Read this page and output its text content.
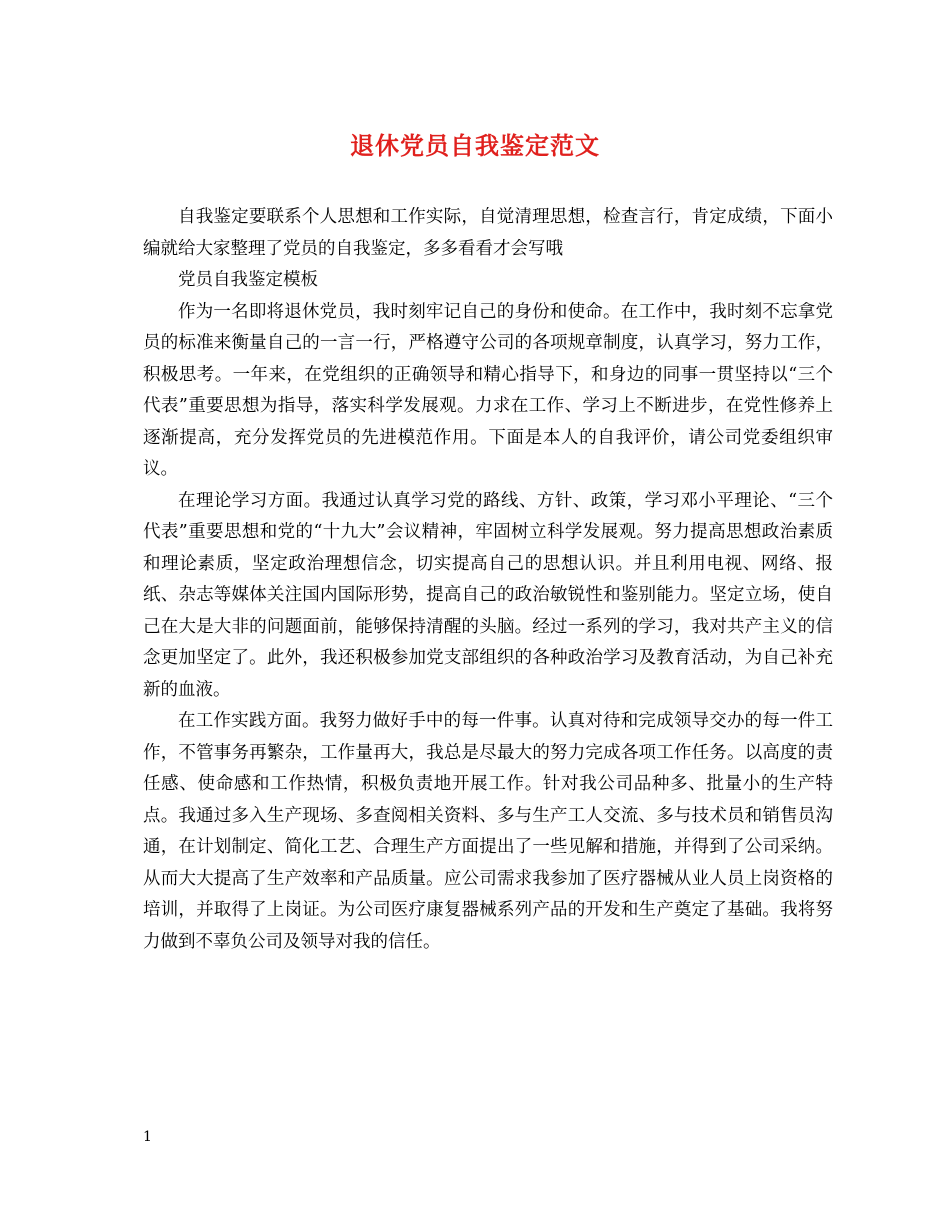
退休党员自我鉴定范文

自我鉴定要联系个人思想和工作实际，自觉清理思想，检查言行，肯定成绩，下面小编就给大家整理了党员的自我鉴定，多多看看才会写哦

党员自我鉴定模板

作为一名即将退休党员，我时刻牢记自己的身份和使命。在工作中，我时刻不忘拿党员的标准来衡量自己的一言一行，严格遵守公司的各项规章制度，认真学习，努力工作，积极思考。一年来，在党组织的正确领导和精心指导下，和身边的同事一贯坚持以“三个代表”重要思想为指导，落实科学发展观。力求在工作、学习上不断进步，在党性修养上逐渐提高，充分发挥党员的先进模范作用。下面是本人的自我评价，请公司党委组织审议。

在理论学习方面。我通过认真学习党的路线、方针、政策，学习邓小平理论、“三个代表”重要思想和党的“十九大”会议精神，牢固树立科学发展观。努力提高思想政治素质和理论素质，坚定政治理想信念，切实提高自己的思想认识。并且利用电视、网络、报纸、杂志等媒体关注国内国际形势，提高自己的政治敏锐性和鉴别能力。坚定立场，使自己在大是大非的问题面前，能够保持清醒的头脑。经过一系列的学习，我对共产主义的信念更加坚定了。此外，我还积极参加党支部组织的各种政治学习及教育活动，为自己补充新的血液。

在工作实践方面。我努力做好手中的每一件事。认真对待和完成领导交办的每一件工作，不管事务再繁杂，工作量再大，我总是尽最大的努力完成各项工作任务。以高度的责任感、使命感和工作热情，积极负责地开展工作。针对我公司品种多、批量小的生产特点。我通过多入生产现场、多查阅相关资料、多与生产工人交流、多与技术员和销售员沟通，在计划制定、简化工艺、合理生产方面提出了一些见解和措施，并得到了公司采纳。从而大大提高了生产效率和产品质量。应公司需求我参加了医疗器械从业人员上岗资格的培训，并取得了上岗证。为公司医疗康复器械系列产品的开发和生产奠定了基础。我将努力做到不辜负公司及领导对我的信任。

1
